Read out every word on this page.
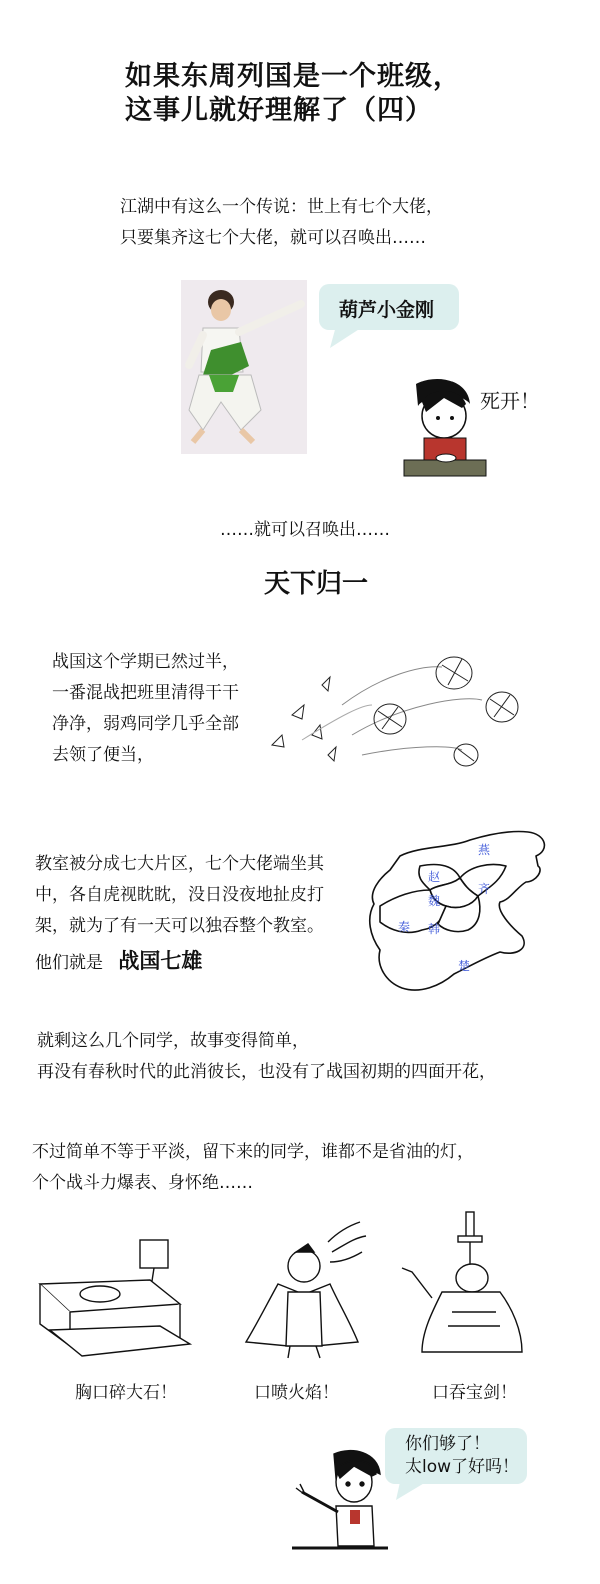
如果东周列国是一个班级，
这事儿就好理解了（四）
江湖中有这么一个传说：世上有七个大佬，
只要集齐这七个大佬，就可以召唤出……
葫芦小金刚
死开！
……就可以召唤出……
天下归一
战国这个学期已然过半，
一番混战把班里清得干干
净净，弱鸡同学几乎全部
去领了便当，
教室被分成七大片区，七个大佬端坐其
中，各自虎视眈眈，没日没夜地扯皮打
架，就为了有一天可以独吞整个教室。
他们就是 战国七雄
燕
赵
齐
魏
秦 韩
楚
就剩这么几个同学，故事变得简单，
再没有春秋时代的此消彼长，也没有了战国初期的四面开花，
不过简单不等于平淡，留下来的同学，谁都不是省油的灯，
个个战斗力爆表、身怀绝……
胸口碎大石！	口喷火焰！	口吞宝剑！
你们够了！
太low了好吗！
